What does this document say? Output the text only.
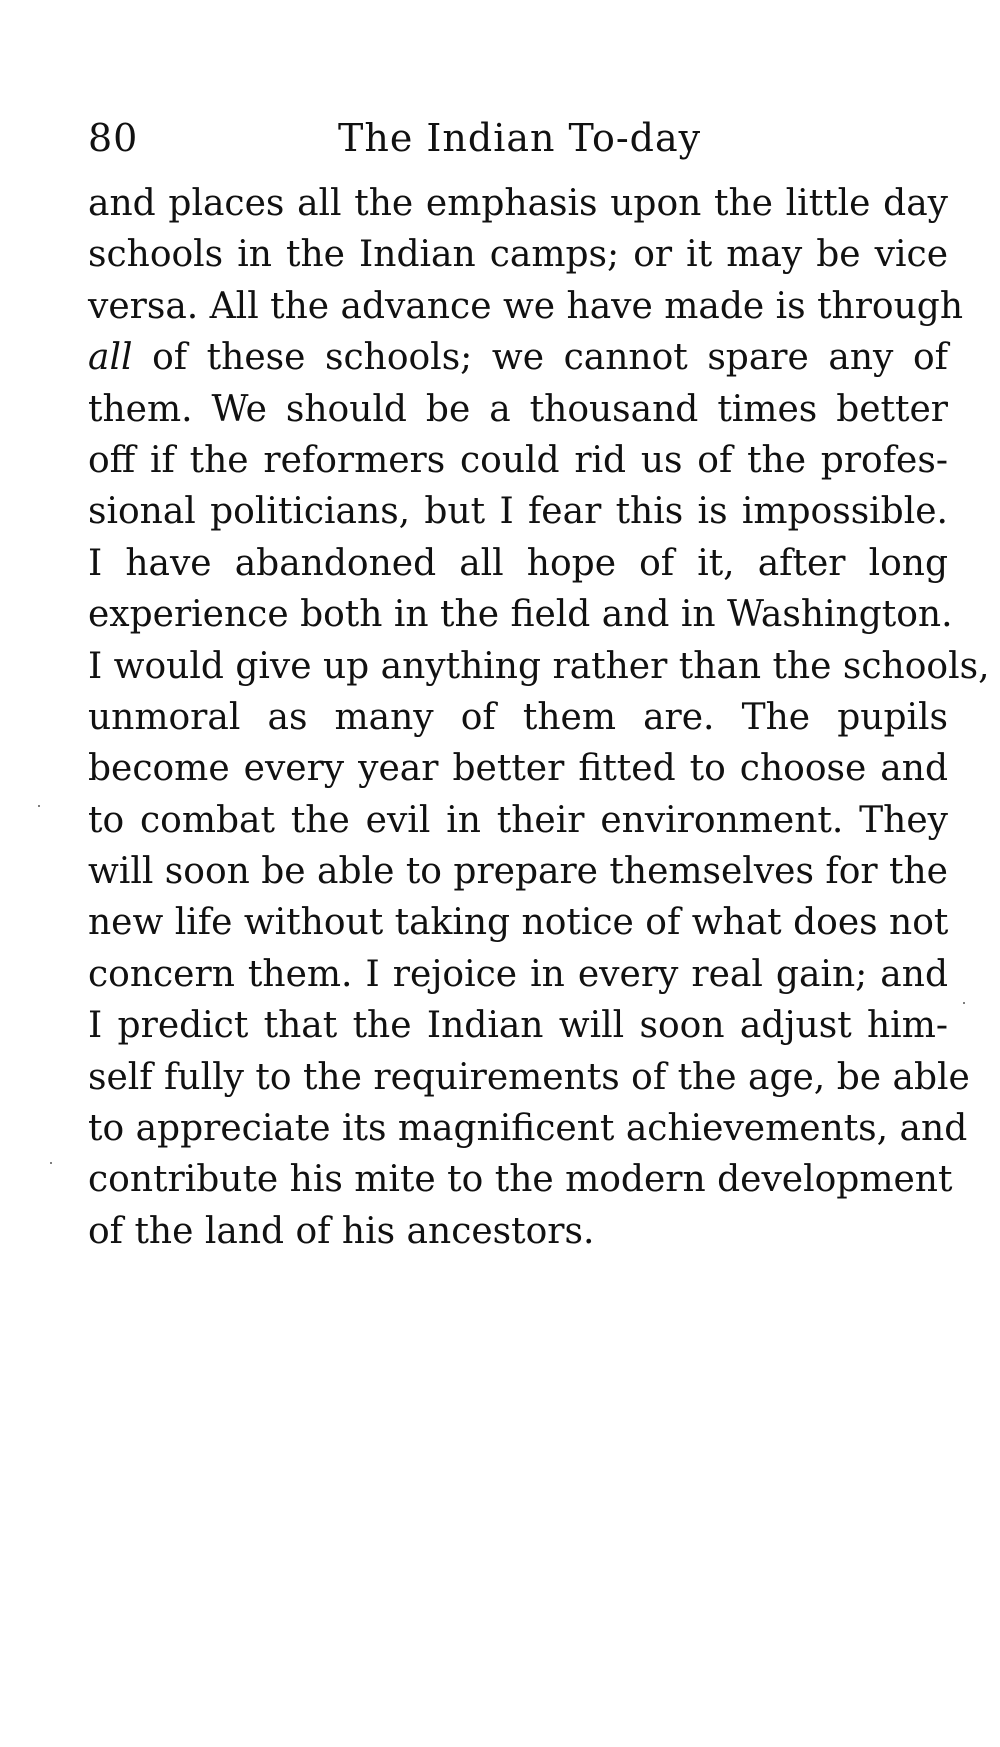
80	The Indian To-day
and places all the emphasis upon the little day
schools in the Indian camps; or it may be vice
versa. All the advance we have made is through
all of these schools; we cannot spare any of
them. We should be a thousand times better
off if the reformers could rid us of the profes-
sional politicians, but I fear this is impossible.
I have abandoned all hope of it, after long
experience both in the field and in Washington.
I would give up anything rather than the schools,
unmoral as many of them are. The pupils
become every year better fitted to choose and
to combat the evil in their environment. They
will soon be able to prepare themselves for the
new life without taking notice of what does not
concern them. I rejoice in every real gain; and
I predict that the Indian will soon adjust him-
self fully to the requirements of the age, be able
to appreciate its magnificent achievements, and
contribute his mite to the modern development
of the land of his ancestors.
